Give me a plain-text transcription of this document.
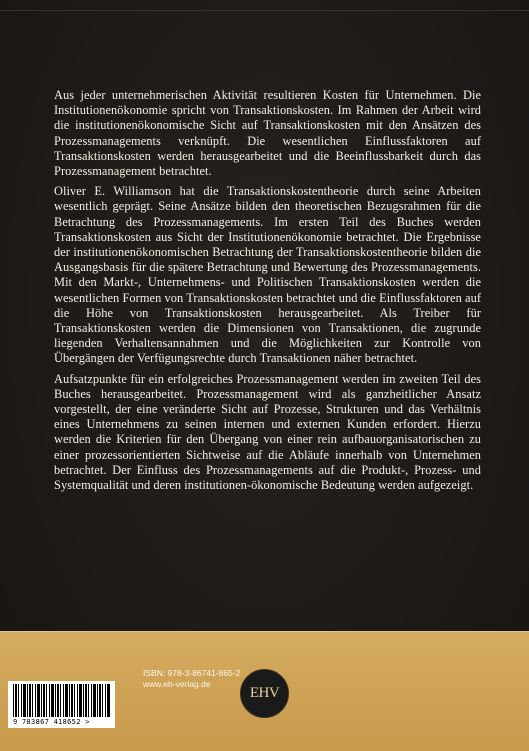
Aus jeder unternehmerischen Aktivität resultieren Kosten für Unternehmen. Die Institutionenökonomie spricht von Transaktionskosten. Im Rahmen der Arbeit wird die institutionenökonomische Sicht auf Transaktionskosten mit den Ansätzen des Prozessmanagements verknüpft. Die wesentlichen Einflussfaktoren auf Transaktionskosten werden herausgearbeitet und die Beeinflussbarkeit durch das Prozessmanagement betrachtet.

Oliver E. Williamson hat die Transaktionskostentheorie durch seine Arbeiten wesentlich geprägt. Seine Ansätze bilden den theoretischen Bezugsrahmen für die Betrachtung des Prozessmanagements. Im ersten Teil des Buches werden Transaktionskosten aus Sicht der Institutionenökonomie betrachtet. Die Ergebnisse der institutionenökonomischen Betrachtung der Transaktionskostentheorie bilden die Ausgangsbasis für die spätere Betrachtung und Bewertung des Prozessmanagements. Mit den Markt-, Unternehmens- und Politischen Transaktionskosten werden die wesentlichen Formen von Transaktionskosten betrachtet und die Einflussfaktoren auf die Höhe von Transaktionskosten herausgearbeitet. Als Treiber für Transaktionskosten werden die Dimensionen von Transaktionen, die zugrunde liegenden Verhaltensannahmen und die Möglichkeiten zur Kontrolle von Übergängen der Verfügungsrechte durch Transaktionen näher betrachtet.

Aufsatzpunkte für ein erfolgreiches Prozessmanagement werden im zweiten Teil des Buches herausgearbeitet. Prozessmanagement wird als ganzheitlicher Ansatz vorgestellt, der eine veränderte Sicht auf Prozesse, Strukturen und das Verhältnis eines Unternehmens zu seinen internen und externen Kunden erfordert. Hierzu werden die Kriterien für den Übergang von einer rein aufbauorganisatorischen zu einer prozessorientierten Sichtweise auf die Abläufe innerhalb von Unternehmen betrachtet. Der Einfluss des Prozessmanagements auf die Produkt-, Prozess- und Systemqualität und deren institutionen-ökonomische Bedeutung werden aufgezeigt.

9 783867 418652 >
ISBN: 978-3-86741-865-2
www.eh-verlag.de
EHV
